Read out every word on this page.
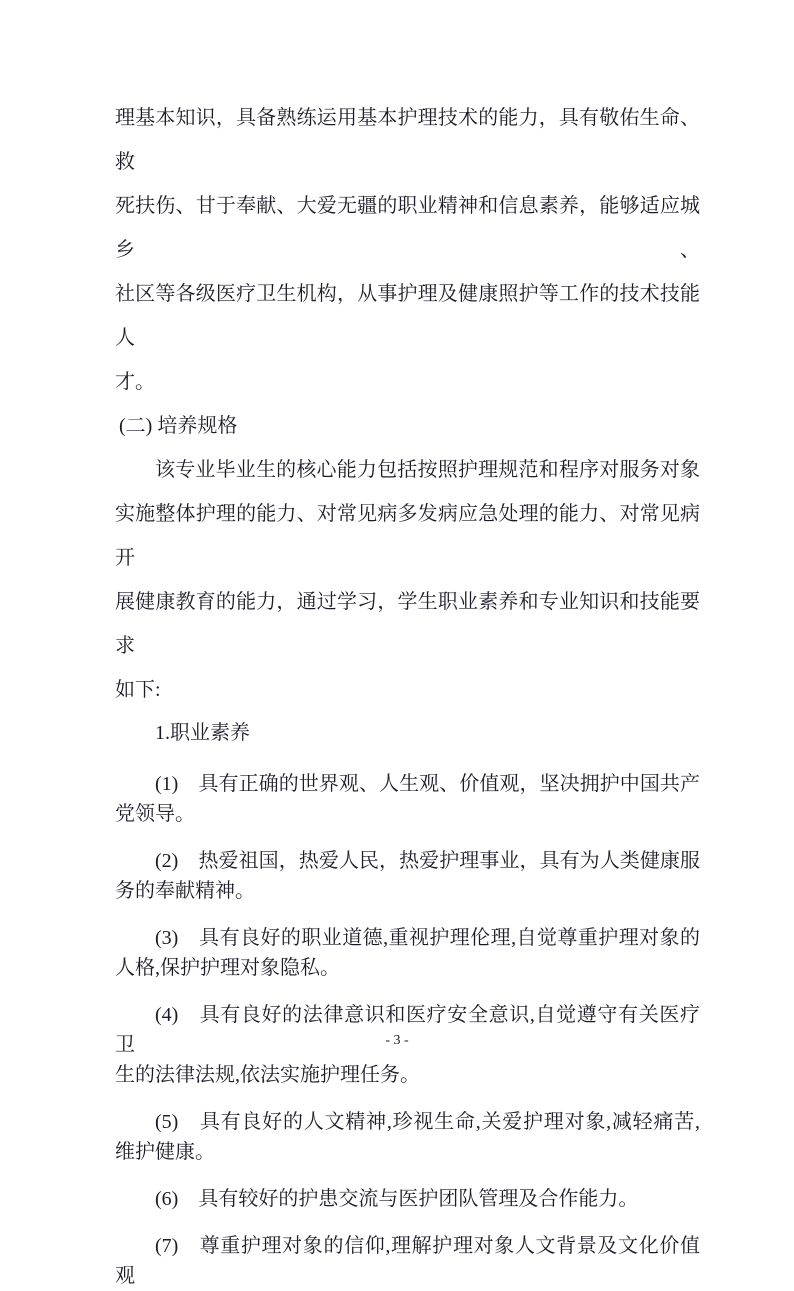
理基本知识，具备熟练运用基本护理技术的能力，具有敬佑生命、救
死扶伤、甘于奉献、大爱无疆的职业精神和信息素养，能够适应城乡、
社区等各级医疗卫生机构，从事护理及健康照护等工作的技术技能人
才。
(二) 培养规格
该专业毕业生的核心能力包括按照护理规范和程序对服务对象
实施整体护理的能力、对常见病多发病应急处理的能力、对常见病开
展健康教育的能力，通过学习，学生职业素养和专业知识和技能要求
如下:
1.职业素养
(1)　具有正确的世界观、人生观、价值观，坚决拥护中国共产
党领导。
(2)　热爱祖国，热爱人民，热爱护理事业，具有为人类健康服
务的奉献精神。
(3)　具有良好的职业道德,重视护理伦理,自觉尊重护理对象的
人格,保护护理对象隐私。
(4)　具有良好的法律意识和医疗安全意识,自觉遵守有关医疗卫
生的法律法规,依法实施护理任务。
(5)　具有良好的人文精神,珍视生命,关爱护理对象,减轻痛苦,
维护健康。
(6)　具有较好的护患交流与医护团队管理及合作能力。
(7)　尊重护理对象的信仰,理解护理对象人文背景及文化价值观
- 3 -
